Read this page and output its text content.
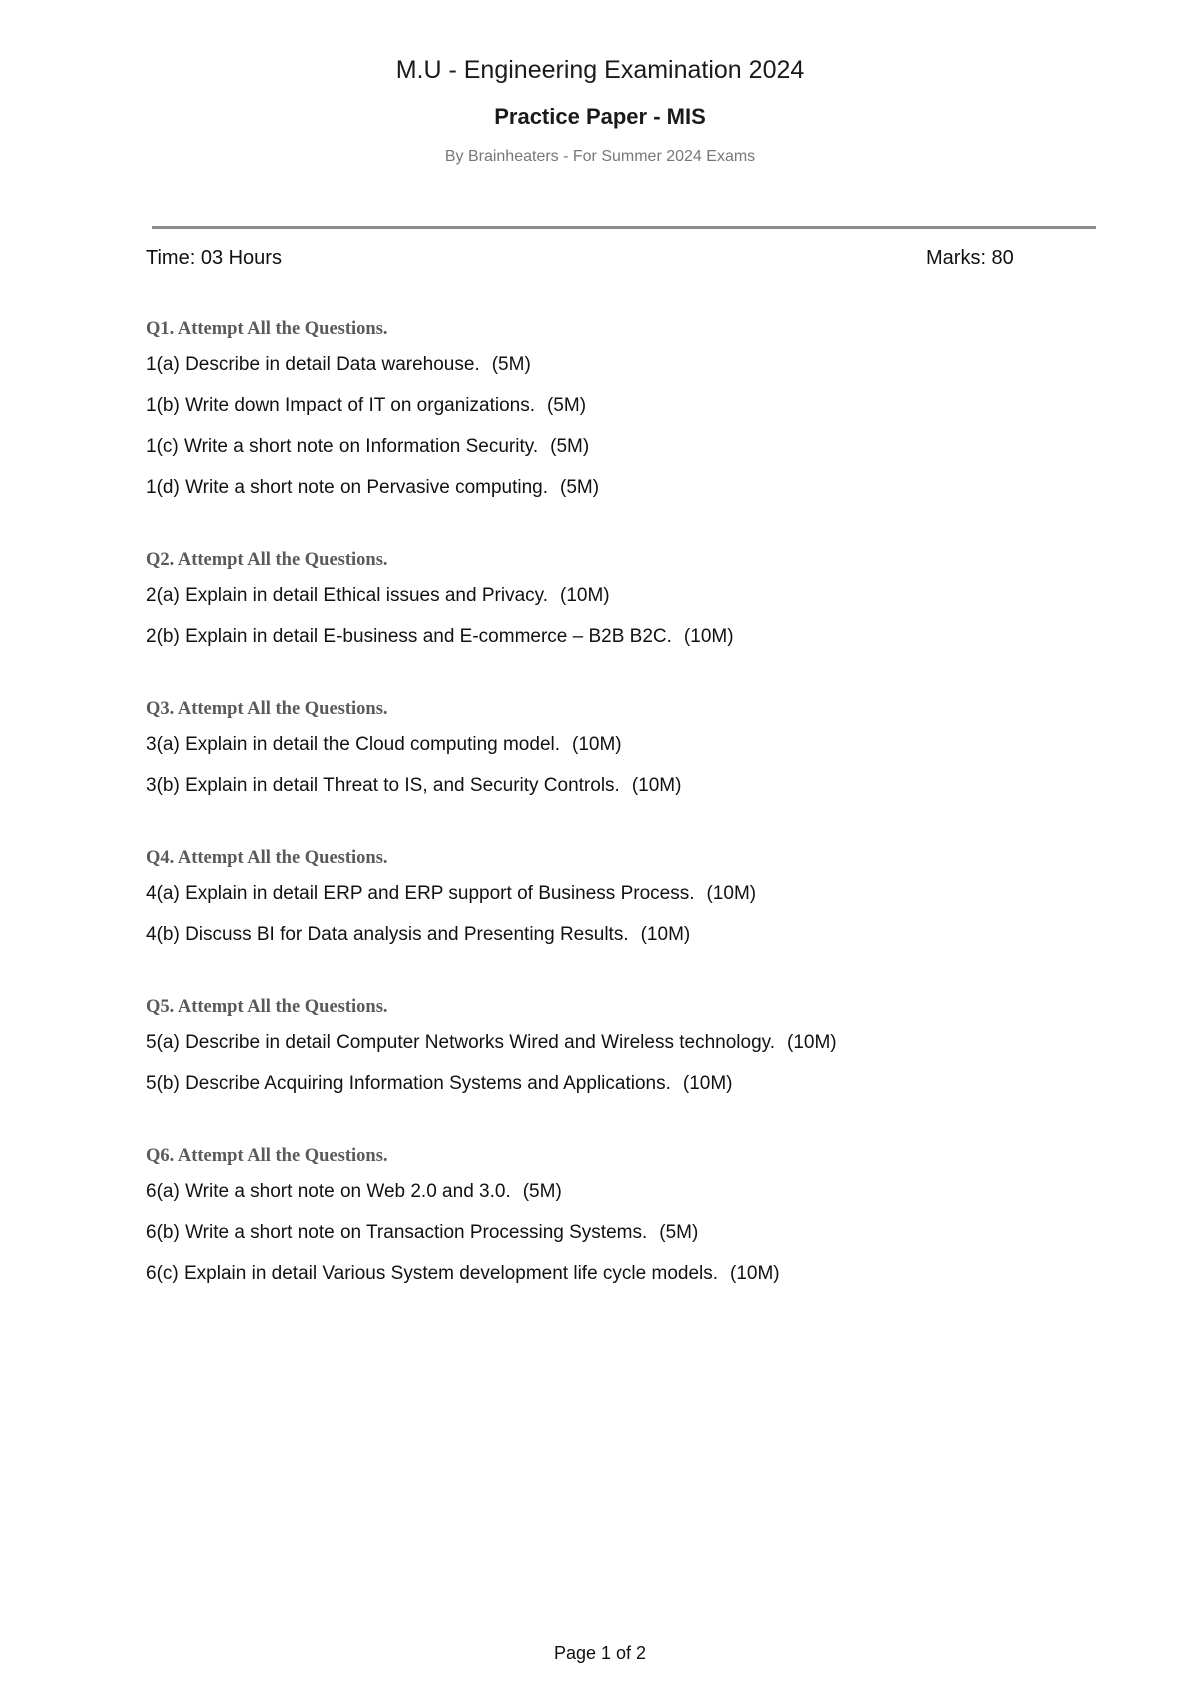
M.U - Engineering Examination 2024
Practice Paper - MIS
By Brainheaters - For Summer 2024 Exams
Time: 03 Hours	Marks: 80
Q1. Attempt All the Questions.
1(a) Describe in detail Data warehouse. (5M)
1(b) Write down Impact of IT on organizations. (5M)
1(c) Write a short note on Information Security. (5M)
1(d) Write a short note on Pervasive computing. (5M)
Q2. Attempt All the Questions.
2(a) Explain in detail Ethical issues and Privacy. (10M)
2(b) Explain in detail E-business and E-commerce – B2B B2C. (10M)
Q3. Attempt All the Questions.
3(a) Explain in detail the Cloud computing model. (10M)
3(b) Explain in detail Threat to IS, and Security Controls. (10M)
Q4. Attempt All the Questions.
4(a) Explain in detail ERP and ERP support of Business Process. (10M)
4(b) Discuss BI for Data analysis and Presenting Results. (10M)
Q5. Attempt All the Questions.
5(a) Describe in detail Computer Networks Wired and Wireless technology. (10M)
5(b) Describe Acquiring Information Systems and Applications. (10M)
Q6. Attempt All the Questions.
6(a) Write a short note on Web 2.0 and 3.0. (5M)
6(b) Write a short note on Transaction Processing Systems. (5M)
6(c) Explain in detail Various System development life cycle models. (10M)
Page 1 of 2
